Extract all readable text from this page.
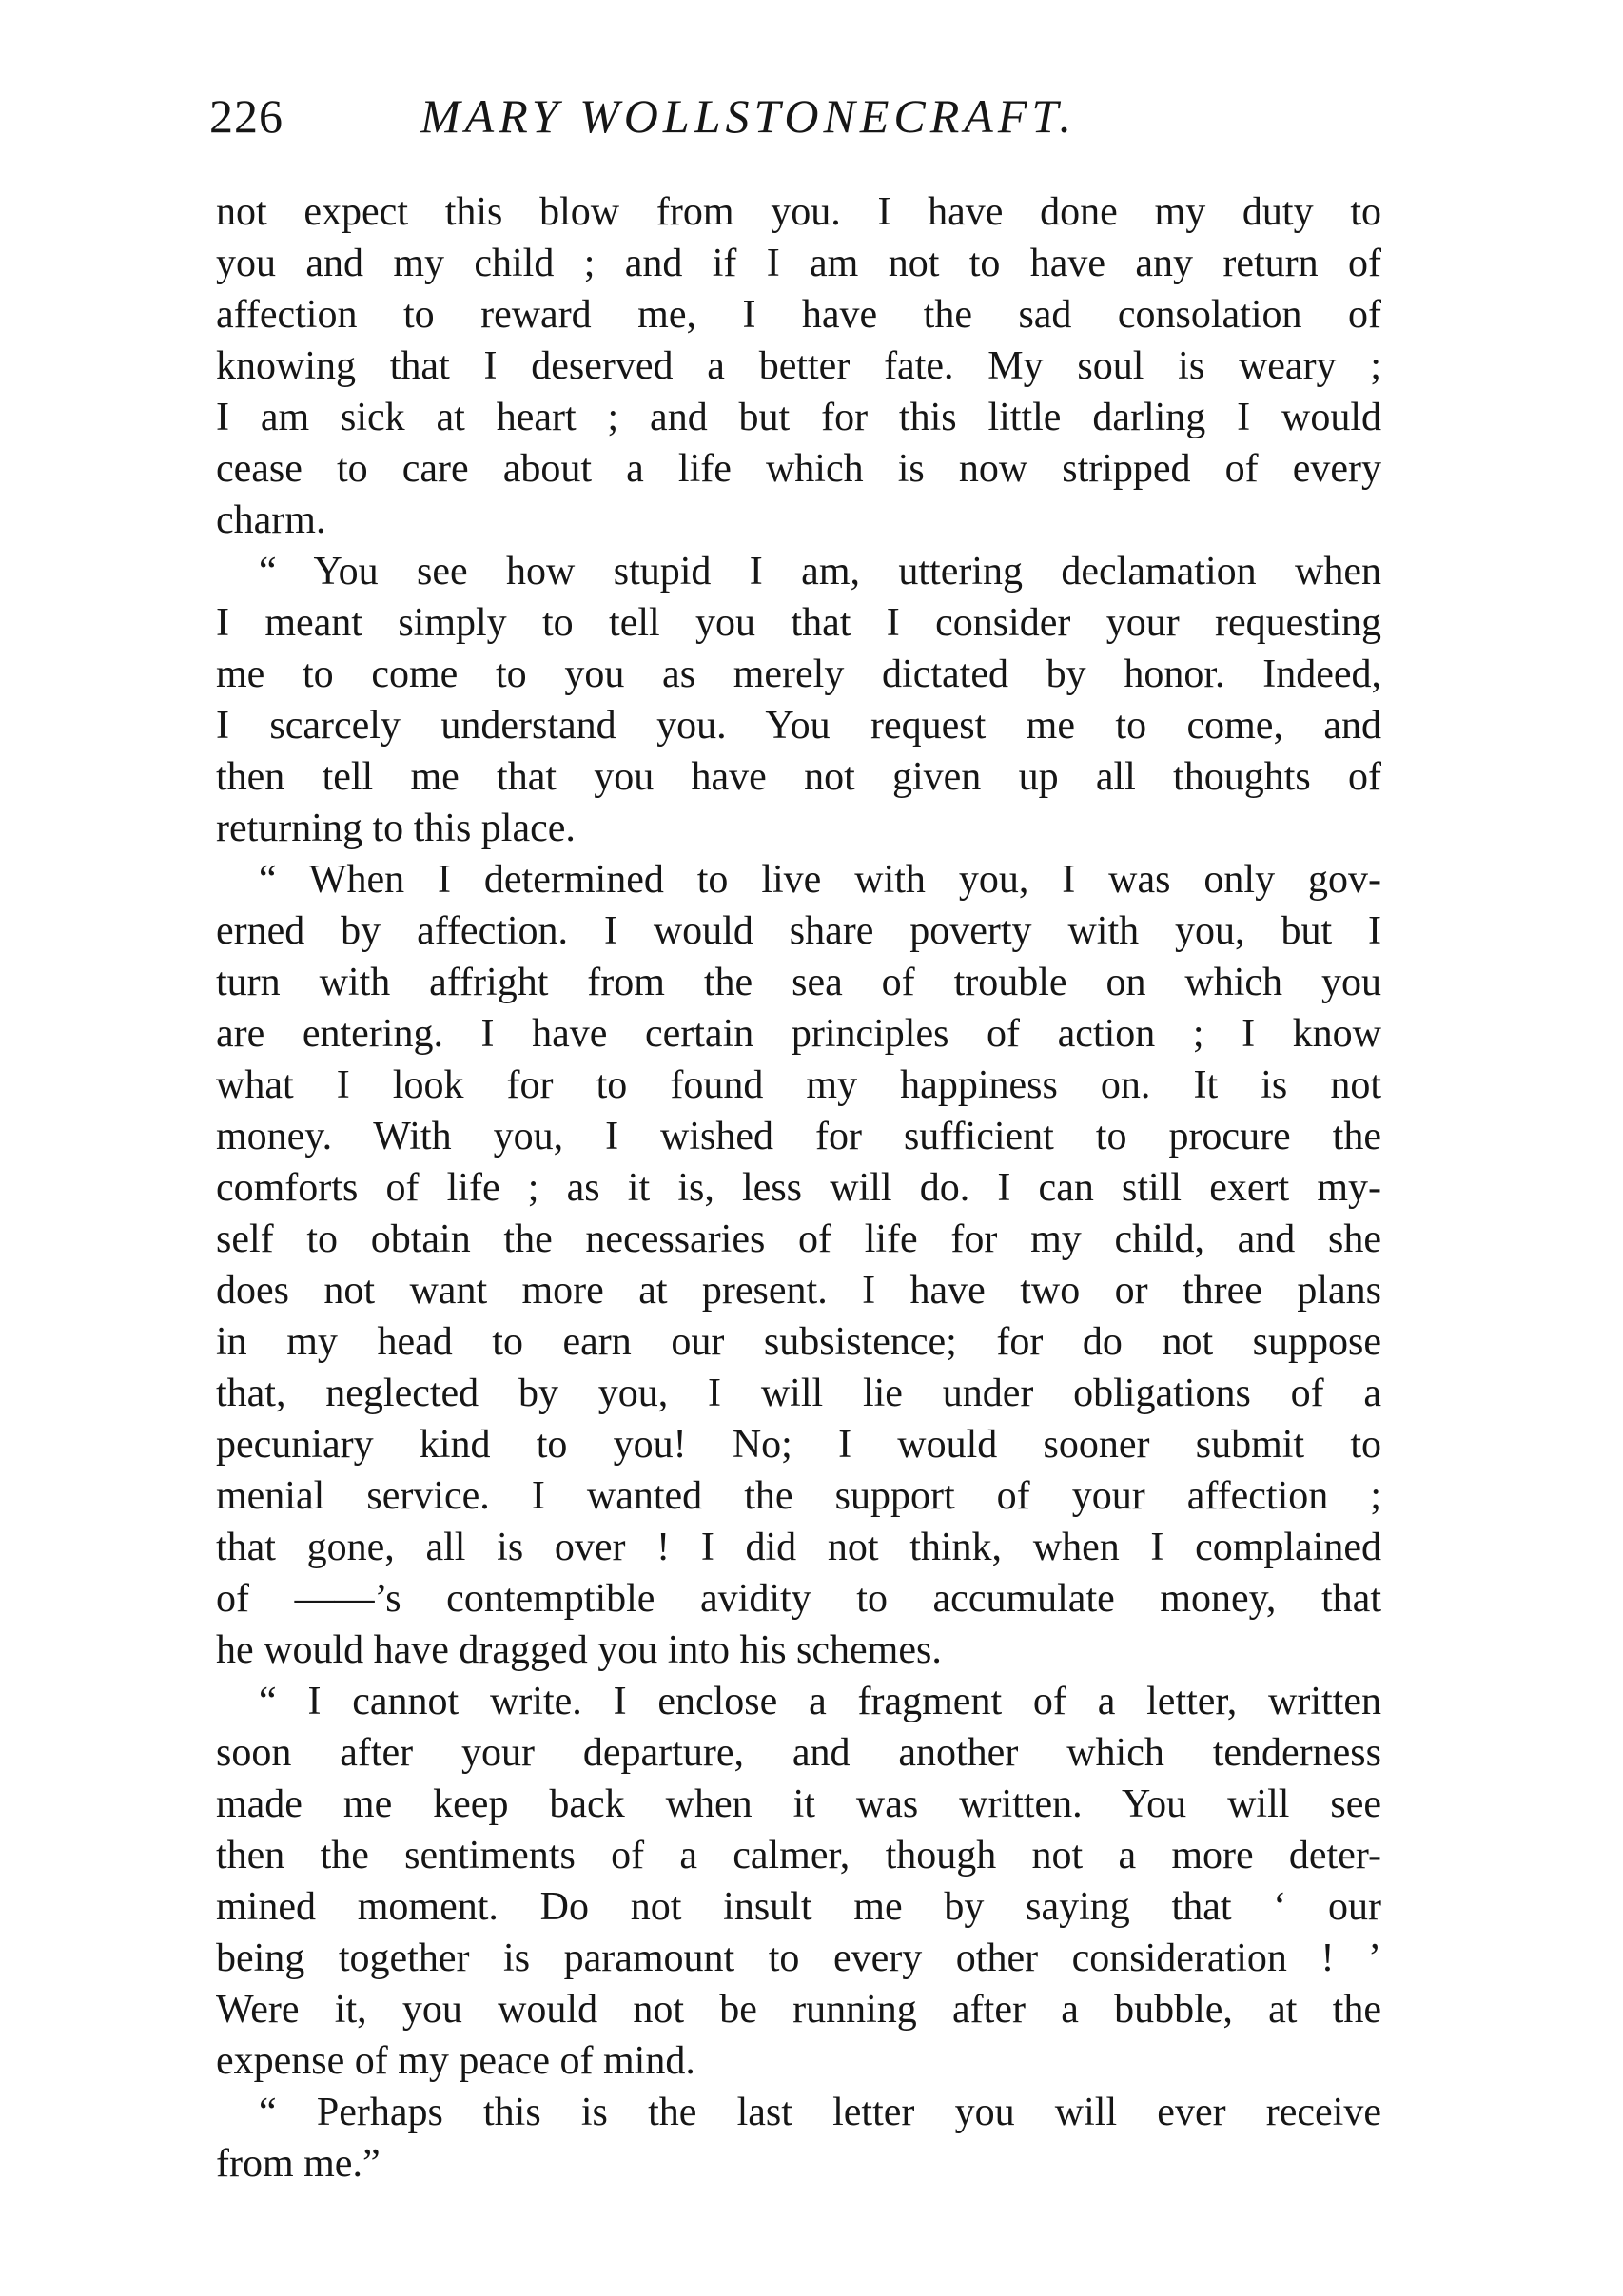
226	MARY WOLLSTONECRAFT.
not expect this blow from you. I have done my duty to
you and my child ; and if I am not to have any return of
affection to reward me, I have the sad consolation of
knowing that I deserved a better fate. My soul is weary ;
I am sick at heart ; and but for this little darling I would
cease to care about a life which is now stripped of every
charm.
“ You see how stupid I am, uttering declamation when
I meant simply to tell you that I consider your requesting
me to come to you as merely dictated by honor. Indeed,
I scarcely understand you. You request me to come, and
then tell me that you have not given up all thoughts of
returning to this place.
“ When I determined to live with you, I was only gov-
erned by affection. I would share poverty with you, but I
turn with affright from the sea of trouble on which you
are entering. I have certain principles of action ; I know
what I look for to found my happiness on. It is not
money. With you, I wished for sufficient to procure the
comforts of life ; as it is, less will do. I can still exert my-
self to obtain the necessaries of life for my child, and she
does not want more at present. I have two or three plans
in my head to earn our subsistence; for do not suppose
that, neglected by you, I will lie under obligations of a
pecuniary kind to you! No; I would sooner submit to
menial service. I wanted the support of your affection ;
that gone, all is over ! I did not think, when I complained
of ——’s contemptible avidity to accumulate money, that
he would have dragged you into his schemes.
“ I cannot write. I enclose a fragment of a letter, written
soon after your departure, and another which tenderness
made me keep back when it was written. You will see
then the sentiments of a calmer, though not a more deter-
mined moment. Do not insult me by saying that ‘ our
being together is paramount to every other consideration ! ’
Were it, you would not be running after a bubble, at the
expense of my peace of mind.
“ Perhaps this is the last letter you will ever receive
from me.”
